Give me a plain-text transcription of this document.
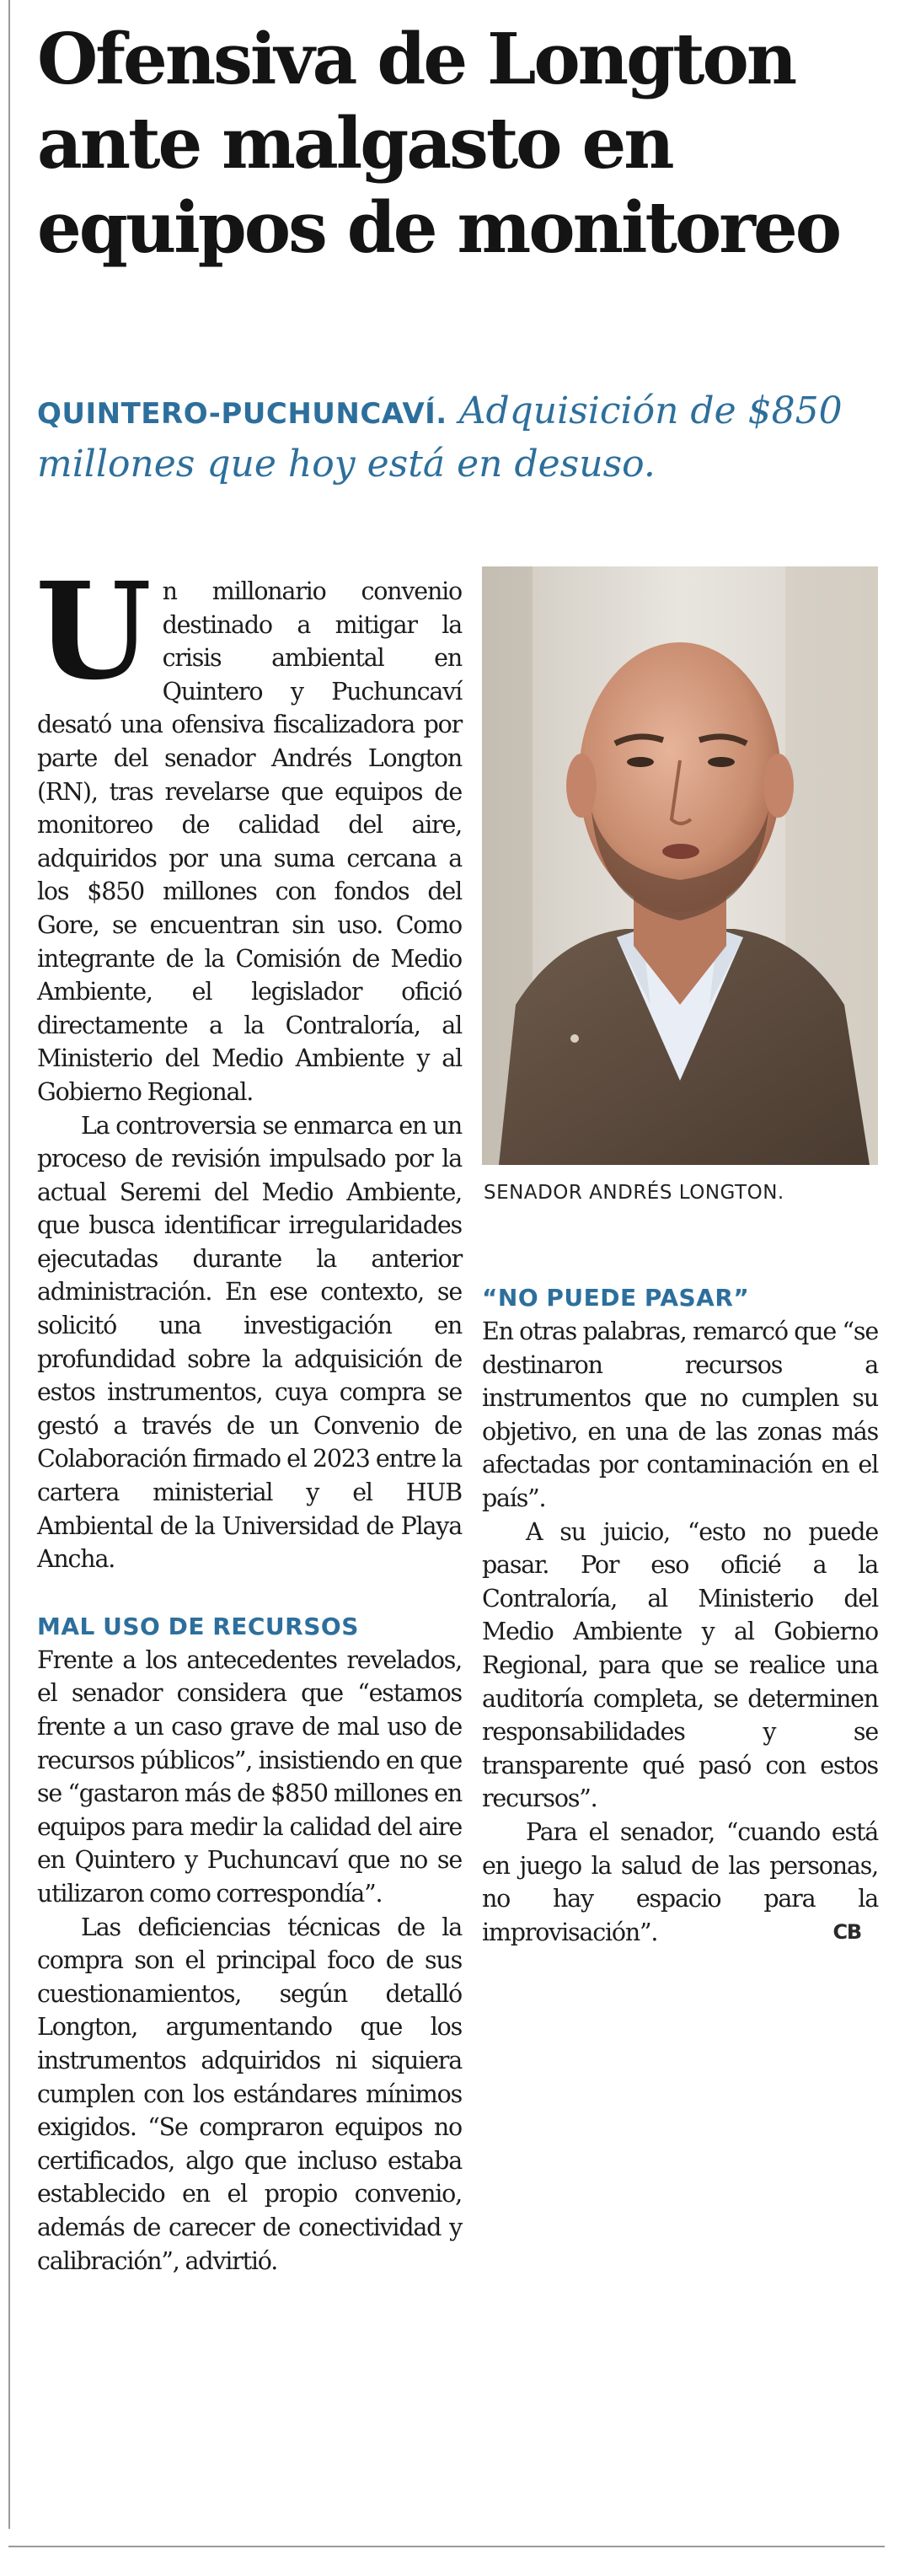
Ofensiva de Longton
ante malgasto en
equipos de monitoreo
QUINTERO-PUCHUNCAVÍ. Adquisición de $850 millones que hoy está en desuso.

Un millonario convenio destinado a mitigar la crisis ambiental en Quintero y Puchuncaví desató una ofensiva fiscalizadora por parte del senador Andrés Longton (RN), tras revelarse que equipos de monitoreo de calidad del aire, adquiridos por una suma cercana a los $850 millones con fondos del Gore, se encuentran sin uso. Como integrante de la Comisión de Medio Ambiente, el legislador ofició directamente a la Contraloría, al Ministerio del Medio Ambiente y al Gobierno Regional.

La controversia se enmarca en un proceso de revisión impulsado por la actual Seremi del Medio Ambiente, que busca identificar irregularidades ejecutadas durante la anterior administración. En ese contexto, se solicitó una investigación en profundidad sobre la adquisición de estos instrumentos, cuya compra se gestó a través de un Convenio de Colaboración firmado el 2023 entre la cartera ministerial y el HUB Ambiental de la Universidad de Playa Ancha.

MAL USO DE RECURSOS

Frente a los antecedentes revelados, el senador considera que “estamos frente a un caso grave de mal uso de recursos públicos”, insistiendo en que se “gastaron más de $850 millones en equipos para medir la calidad del aire en Quintero y Puchuncaví que no se utilizaron como correspondía”.

Las deficiencias técnicas de la compra son el principal foco de sus cuestionamientos, según detalló Longton, argumentando que los instrumentos adquiridos ni siquiera cumplen con los estándares mínimos exigidos. “Se compraron equipos no certificados, algo que incluso estaba establecido en el propio convenio, además de carecer de conectividad y calibración”, advirtió.

SENADOR ANDRÉS LONGTON.

“NO PUEDE PASAR”

En otras palabras, remarcó que “se destinaron recursos a instrumentos que no cumplen su objetivo, en una de las zonas más afectadas por contaminación en el país”.

A su juicio, “esto no puede pasar. Por eso oficié a la Contraloría, al Ministerio del Medio Ambiente y al Gobierno Regional, para que se realice una auditoría completa, se determinen responsabilidades y se transparente qué pasó con estos recursos”.

Para el senador, “cuando está en juego la salud de las personas, no hay espacio para la improvisación”.	CB
